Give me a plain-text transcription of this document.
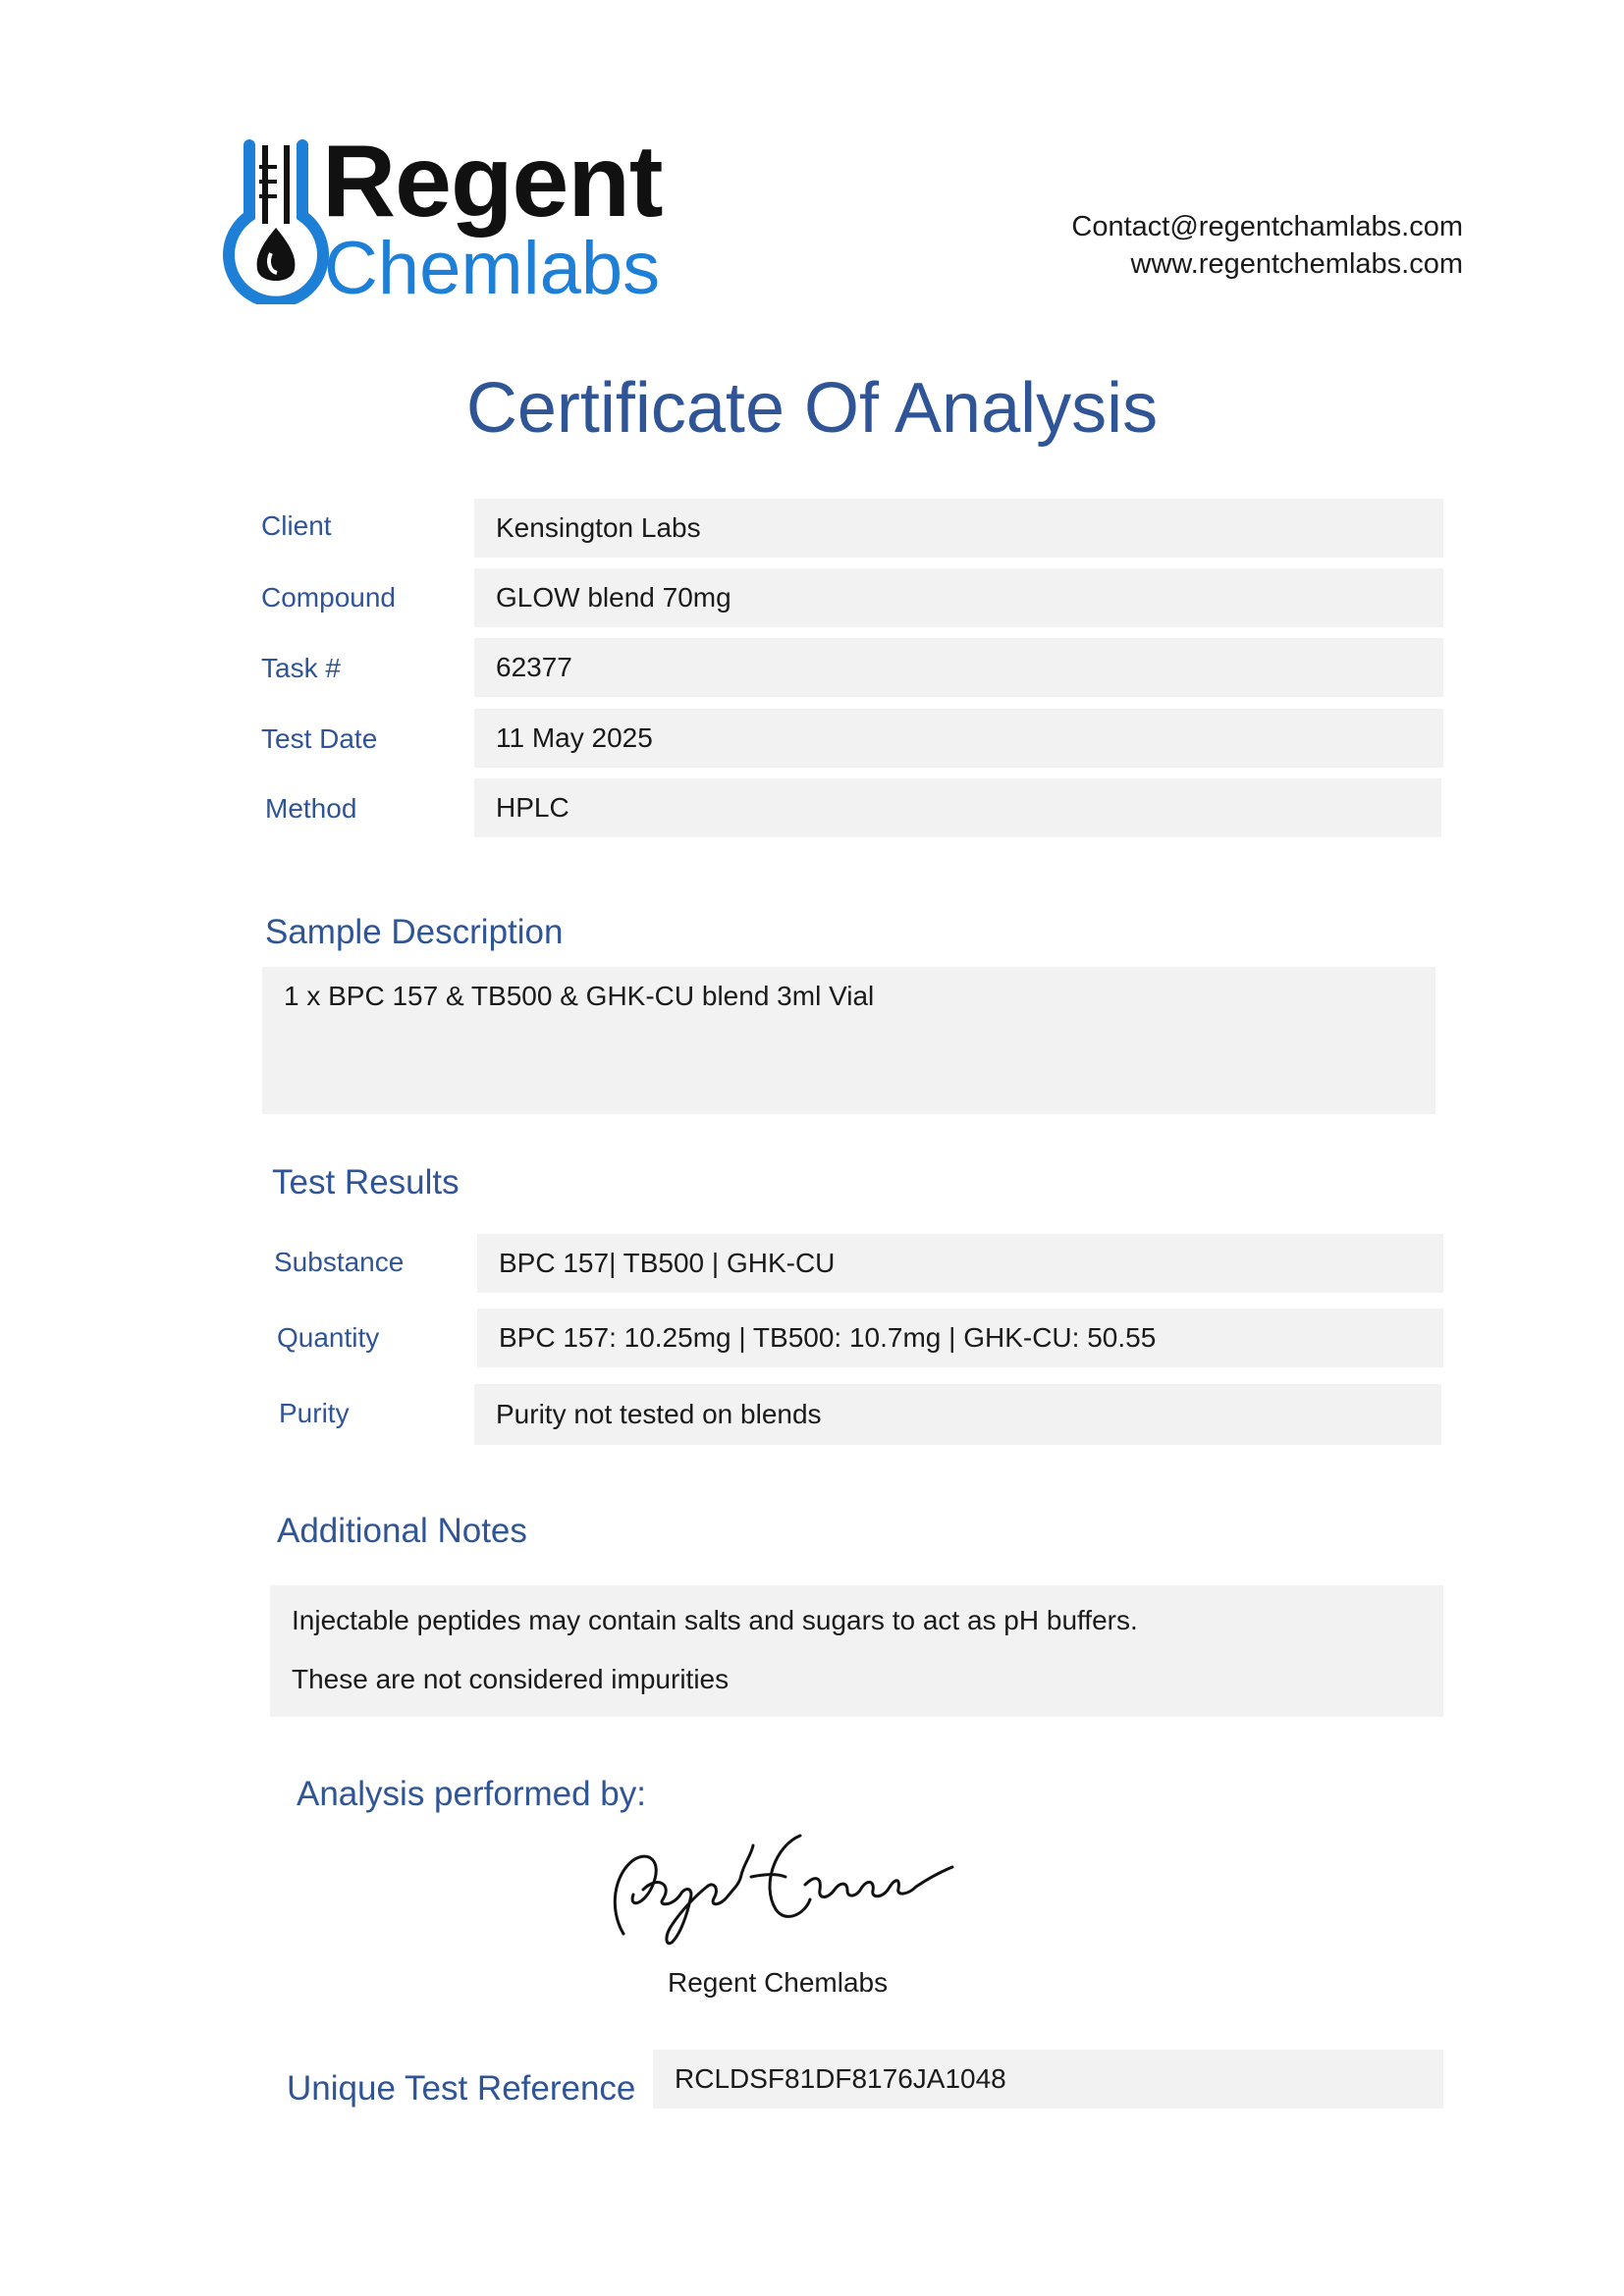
Regent
Chemlabs	Contact@regentchamlabs.com
www.regentchemlabs.com
Certificate Of Analysis
Client	Kensington Labs
Compound	GLOW blend 70mg
Task #	62377
Test Date	11 May 2025
Method	HPLC
Sample Description
1 x BPC 157 & TB500 & GHK-CU blend 3ml Vial
Test Results
Substance	BPC 157| TB500 | GHK-CU
Quantity	BPC 157: 10.25mg | TB500: 10.7mg | GHK-CU: 50.55
Purity	Purity not tested on blends
Additional Notes

Injectable peptides may contain salts and sugars to act as pH buffers.

These are not considered impurities

Analysis performed by:
Regent Chemlabs
Unique Test Reference	RCLDSF81DF8176JA1048
